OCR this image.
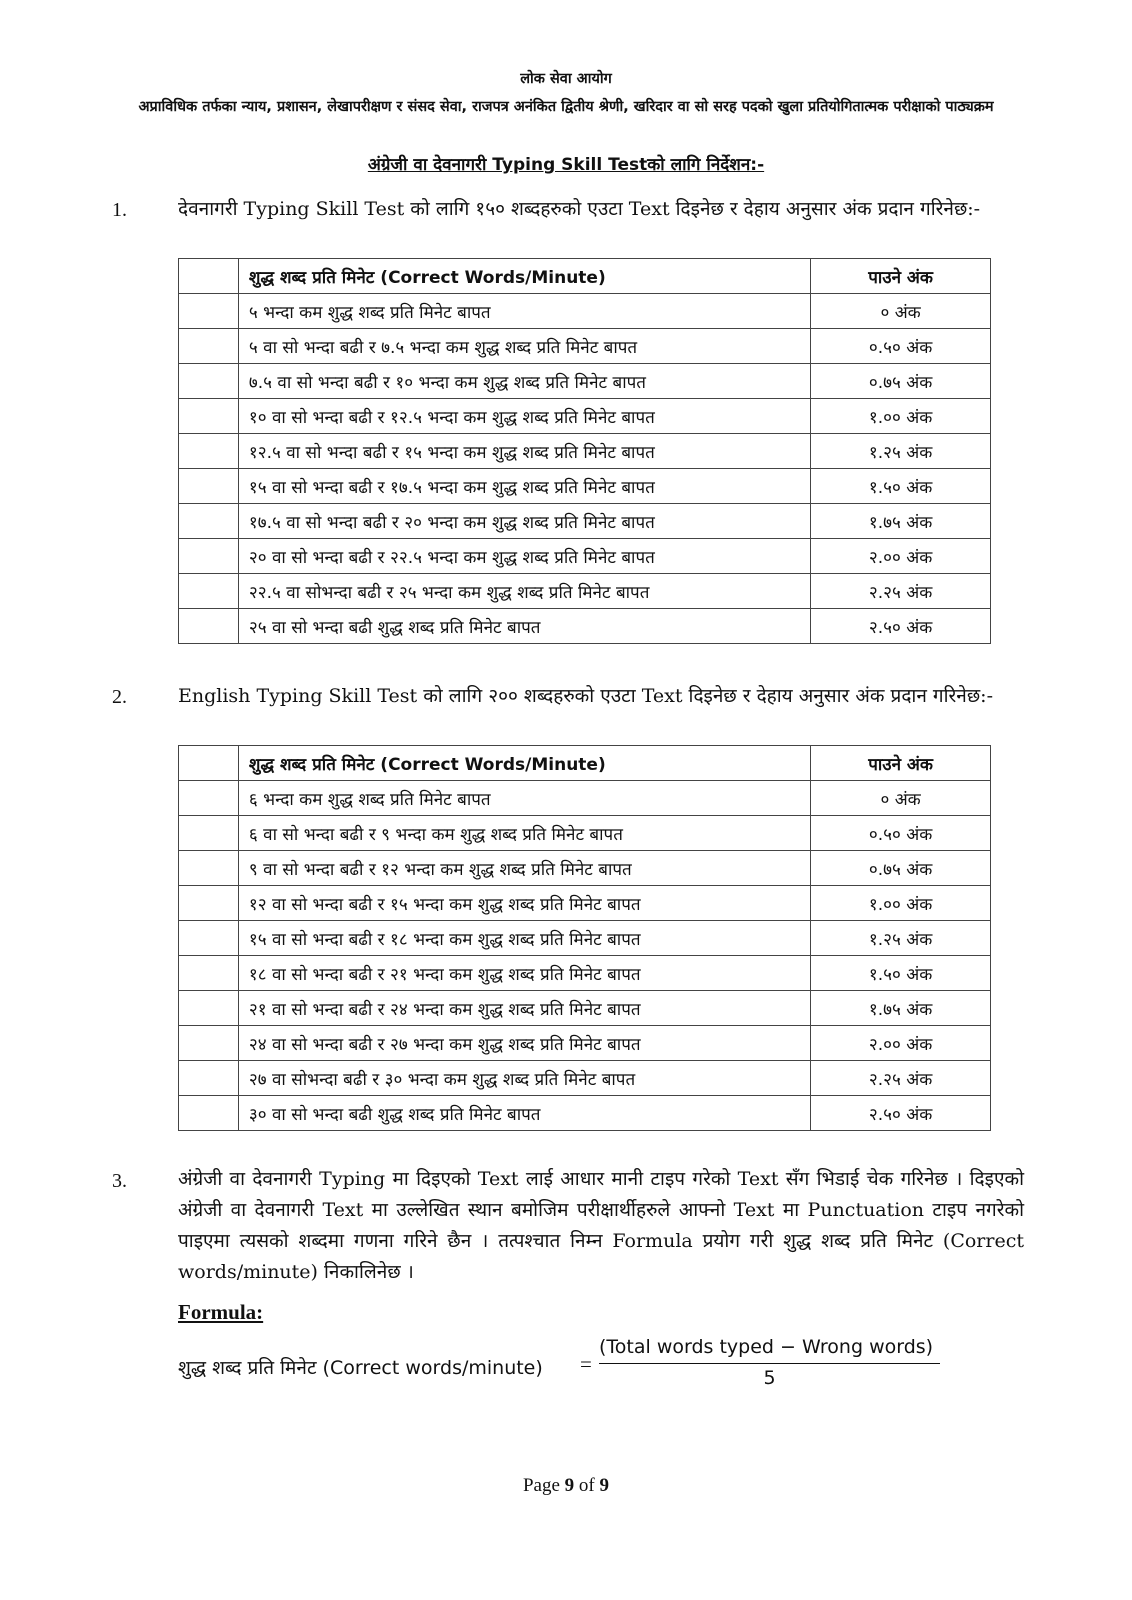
लोक सेवा आयोग
अप्राविधिक तर्फका न्याय, प्रशासन, लेखापरीक्षण र संसद सेवा, राजपत्र अनंकित द्वितीय श्रेणी, खरिदार वा सो सरह पदको खुला प्रतियोगितात्मक परीक्षाको पाठ्यक्रम
अंग्रेजी वा देवनागरी Typing Skill Testको लागि निर्देशन:-
1.	देवनागरी Typing Skill Test को लागि १५० शब्दहरुको एउटा Text दिइनेछ र देहाय अनुसार अंक प्रदान गरिनेछ:-
	शुद्ध शब्द प्रति मिनेट (Correct Words/Minute)	पाउने अंक
	५ भन्दा कम शुद्ध शब्द प्रति मिनेट बापत	० अंक
	५ वा सो भन्दा बढी र ७.५ भन्दा कम शुद्ध शब्द प्रति मिनेट बापत	०.५० अंक
	७.५ वा सो भन्दा बढी र १० भन्दा कम शुद्ध शब्द प्रति मिनेट बापत	०.७५ अंक
	१० वा सो भन्दा बढी र १२.५ भन्दा कम शुद्ध शब्द प्रति मिनेट बापत	१.०० अंक
	१२.५ वा सो भन्दा बढी र १५ भन्दा कम शुद्ध शब्द प्रति मिनेट बापत	१.२५ अंक
	१५ वा सो भन्दा बढी र १७.५ भन्दा कम शुद्ध शब्द प्रति मिनेट बापत	१.५० अंक
	१७.५ वा सो भन्दा बढी र २० भन्दा कम शुद्ध शब्द प्रति मिनेट बापत	१.७५ अंक
	२० वा सो भन्दा बढी र २२.५ भन्दा कम शुद्ध शब्द प्रति मिनेट बापत	२.०० अंक
	२२.५ वा सोभन्दा बढी र २५ भन्दा कम शुद्ध शब्द प्रति मिनेट बापत	२.२५ अंक
	२५ वा सो भन्दा बढी शुद्ध शब्द प्रति मिनेट बापत	२.५० अंक
2.	English Typing Skill Test को लागि २०० शब्दहरुको एउटा Text दिइनेछ र देहाय अनुसार अंक प्रदान गरिनेछ:-
	शुद्ध शब्द प्रति मिनेट (Correct Words/Minute)	पाउने अंक
	६ भन्दा कम शुद्ध शब्द प्रति मिनेट बापत	० अंक
	६ वा सो भन्दा बढी र ९ भन्दा कम शुद्ध शब्द प्रति मिनेट बापत	०.५० अंक
	९ वा सो भन्दा बढी र १२ भन्दा कम शुद्ध शब्द प्रति मिनेट बापत	०.७५ अंक
	१२ वा सो भन्दा बढी र १५ भन्दा कम शुद्ध शब्द प्रति मिनेट बापत	१.०० अंक
	१५ वा सो भन्दा बढी र १८ भन्दा कम शुद्ध शब्द प्रति मिनेट बापत	१.२५ अंक
	१८ वा सो भन्दा बढी र २१ भन्दा कम शुद्ध शब्द प्रति मिनेट बापत	१.५० अंक
	२१ वा सो भन्दा बढी र २४ भन्दा कम शुद्ध शब्द प्रति मिनेट बापत	१.७५ अंक
	२४ वा सो भन्दा बढी र २७ भन्दा कम शुद्ध शब्द प्रति मिनेट बापत	२.०० अंक
	२७ वा सोभन्दा बढी र ३० भन्दा कम शुद्ध शब्द प्रति मिनेट बापत	२.२५ अंक
	३० वा सो भन्दा बढी शुद्ध शब्द प्रति मिनेट बापत	२.५० अंक
3.	अंग्रेजी वा देवनागरी Typing मा दिइएको Text लाई आधार मानी टाइप गरेको Text सँग भिडाई चेक गरिनेछ । दिइएको अंग्रेजी वा देवनागरी Text मा उल्लेखित स्थान बमोजिम परीक्षार्थीहरुले आफ्नो Text मा Punctuation टाइप नगरेको पाइएमा त्यसको शब्दमा गणना गरिने छैन । तत्पश्चात निम्न Formula प्रयोग गरी शुद्ध शब्द प्रति मिनेट (Correct words/minute) निकालिनेछ ।
Formula:
शुद्ध शब्द प्रति मिनेट (Correct words/minute) =
(Total words typed − Wrong words)
5
Page 9 of 9
